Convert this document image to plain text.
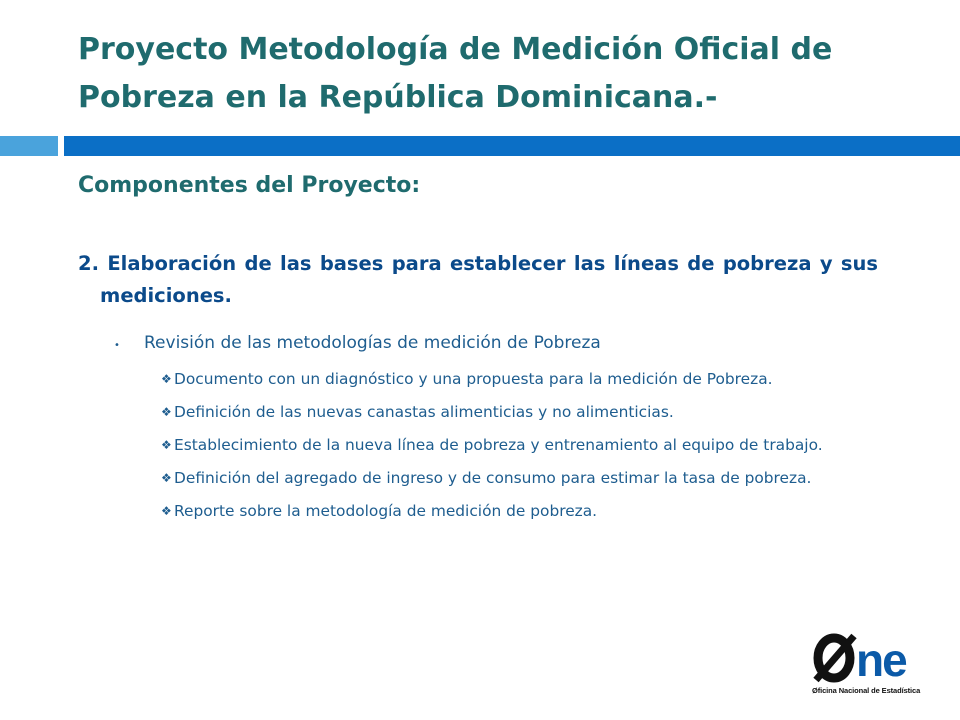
Proyecto Metodología de Medición Oficial de
Pobreza en la República Dominicana.-
Componentes del Proyecto:

2. Elaboración de las bases para establecer las líneas de pobreza y sus mediciones.

•	Revisión de las metodologías de medición de Pobreza
❖ Documento con un diagnóstico y una propuesta para la medición de Pobreza.
❖ Definición de las nuevas canastas alimenticias y no alimenticias.
❖ Establecimiento de la nueva línea de pobreza y entrenamiento al equipo de trabajo.
❖ Definición del agregado de ingreso y de consumo para estimar la tasa de pobreza.
❖ Reporte sobre la metodología de medición de pobreza.
ne
Øficina Nacional de Estadística
